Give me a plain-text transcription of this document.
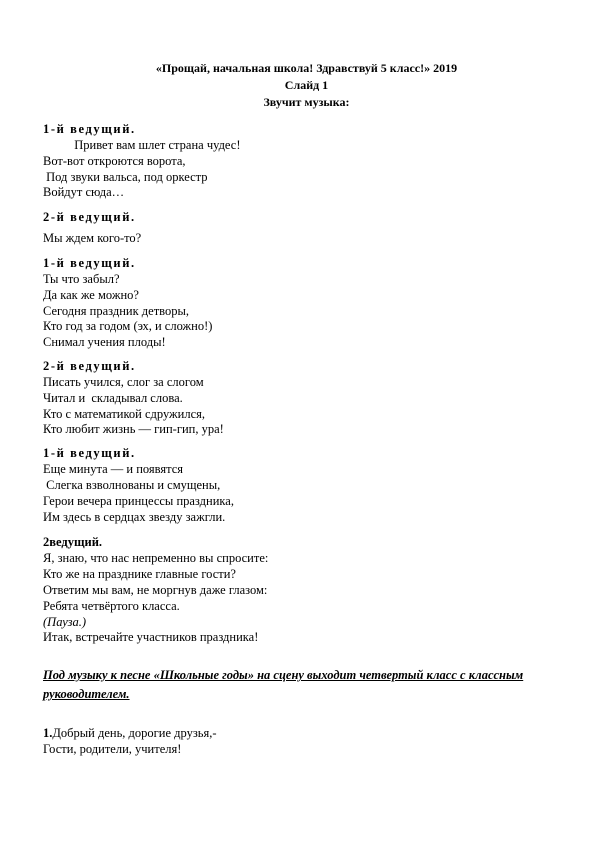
«Прощай, начальная школа! Здравствуй 5 класс!» 2019
Слайд 1
Звучит музыка:
1-й ведущий.
Привет вам шлет страна чудес!
Вот-вот откроются ворота,
Под звуки вальса, под оркестр
Войдут сюда…
2-й ведущий.
Мы ждем кого-то?
1-й ведущий.
Ты что забыл?
Да как же можно?
Сегодня праздник детворы,
Кто год за годом (эх, и сложно!)
Снимал учения плоды!
2-й ведущий.
Писать учился, слог за слогом
Читал и  складывал слова.
Кто с математикой сдружился,
Кто любит жизнь — гип-гип, ура!
1-й ведущий.
Еще минута — и появятся
Слегка взволнованы и смущены,
Герои вечера принцессы праздника,
Им здесь в сердцах звезду зажгли.
2ведущий.
Я, знаю, что нас непременно вы спросите:
Кто же на празднике главные гости?
Ответим мы вам, не моргнув даже глазом:
Ребята четвёртого класса.
(Пауза.)
Итак, встречайте участников праздника!
Под музыку к песне «Школьные годы» на сцену выходит четвертый класс с классным руководителем.
1.Добрый день, дорогие друзья,-
Гости, родители, учителя!
